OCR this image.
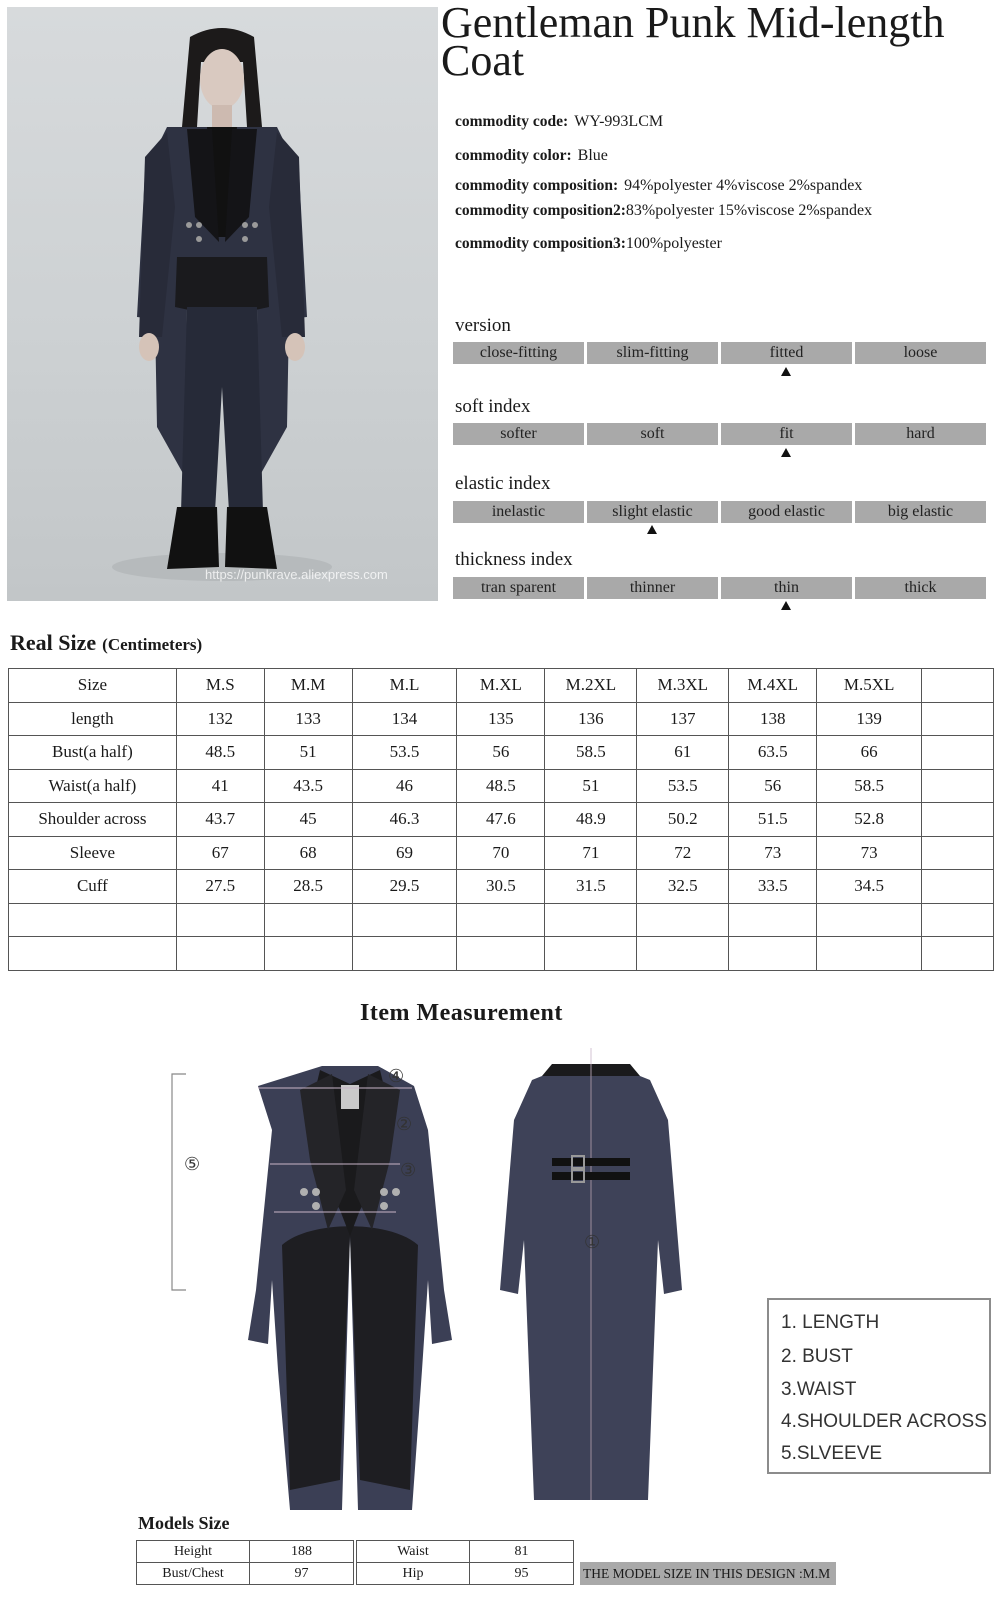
https://punkrave.aliexpress.com
Gentleman Punk Mid-length Coat
commodity code: WY-993LCM
commodity color: Blue
commodity composition: 94%polyester 4%viscose 2%spandex
commodity composition2:83%polyester 15%viscose 2%spandex
commodity composition3:100%polyester
version
close-fitting	slim-fitting	fitted	loose
soft index
softer	soft	fit	hard
elastic index
inelastic	slight elastic	good elastic	big elastic
thickness index
tran sparent	thinner	thin	thick
Real Size (Centimeters)
Size	M.S	M.M	M.L	M.XL	M.2XL	M.3XL	M.4XL	M.5XL	
length	132	133	134	135	136	137	138	139	
Bust(a half)	48.5	51	53.5	56	58.5	61	63.5	66	
Waist(a half)	41	43.5	46	48.5	51	53.5	56	58.5	
Shoulder across	43.7	45	46.3	47.6	48.9	50.2	51.5	52.8	
Sleeve	67	68	69	70	71	72	73	73	
Cuff	27.5	28.5	29.5	30.5	31.5	32.5	33.5	34.5	

Item Measurement
①
②
③
④
⑤
1. LENGTH
2. BUST
3.WAIST
4.SHOULDER ACROSS
5.SLVEEVE
Models Size
Height	188
Bust/Chest	97
Waist	81
Hip	95	THE MODEL SIZE IN THIS DESIGN :M.M
